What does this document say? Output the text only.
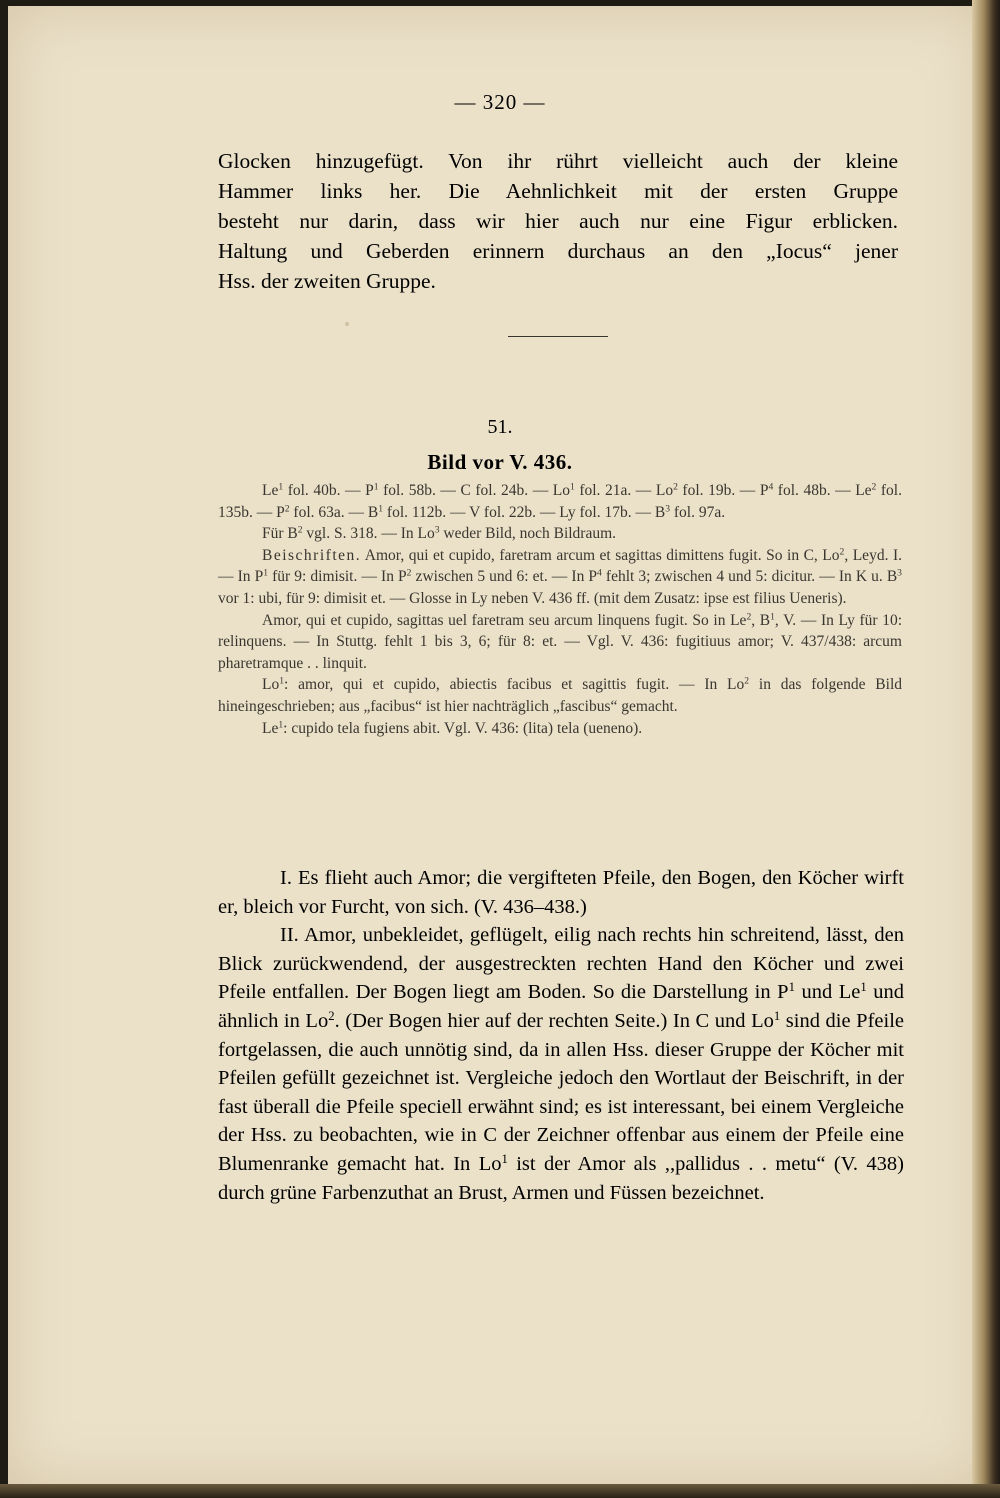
— 320 —

Glocken hinzugefügt. Von ihr rührt vielleicht auch der kleine

Hammer links her. Die Aehnlichkeit mit der ersten Gruppe

besteht nur darin, dass wir hier auch nur eine Figur erblicken.

Haltung und Geberden erinnern durchaus an den „Iocus“ jener

Hss. der zweiten Gruppe.

51.
Bild vor V. 436.

Le$^1$ fol. 40b. — $P^1$ fol. 58b. — C fol. 24b. — Lo$^1$ fol. 21a. — Lo$^2$ fol. 19b. — $P^4$ fol. 48b. — Le$^2$ fol. 135b. — $P^2$ fol. 63a. — $B^1$ fol. 112b. — V fol. 22b. — Ly fol. 17b. — $B^3$ fol. 97a.

Für $B^2$ vgl. S. 318. — In Lo$^3$ weder Bild, noch Bildraum.

Beischriften. Amor, qui et cupido, faretram arcum et sagittas dimittens fugit. So in C, Lo$^2$, Leyd. I. — In $P^1$ für 9: dimisit. — In $P^2$ zwischen 5 und 6: et. — In $P^4$ fehlt 3; zwischen 4 und 5: dicitur. — In K u. $B^3$ vor 1: ubi, für 9: dimisit et. — Glosse in Ly neben V. 436 ff. (mit dem Zusatz: ipse est filius Ueneris).

Amor, qui et cupido, sagittas uel faretram seu arcum linquens fugit. So in Le$^2$, $B^1$, V. — In Ly für 10: relinquens. — In Stuttg. fehlt 1 bis 3, 6; für 8: et. — Vgl. V. 436: fugitiuus amor; V. 437/438: arcum pharetramque . . linquit.

Lo$^1$: amor, qui et cupido, abiectis facibus et sagittis fugit. — In Lo$^2$ in das folgende Bild hineingeschrieben; aus „facibus“ ist hier nachträglich „fascibus“ gemacht.

Le$^1$: cupido tela fugiens abit. Vgl. V. 436: (lita) tela (ueneno).

I. Es flieht auch Amor; die vergifteten Pfeile, den Bogen, den Köcher wirft er, bleich vor Furcht, von sich. (V. 436‒438.)

II. Amor, unbekleidet, geflügelt, eilig nach rechts hin schreitend, lässt, den Blick zurückwendend, der ausgestreckten rechten Hand den Köcher und zwei Pfeile entfallen. Der Bogen liegt am Boden. So die Darstellung in $P^1$ und Le$^1$ und ähnlich in Lo$^2$. (Der Bogen hier auf der rechten Seite.) In C und Lo$^1$ sind die Pfeile fortgelassen, die auch unnötig sind, da in allen Hss. dieser Gruppe der Köcher mit Pfeilen gefüllt gezeichnet ist. Vergleiche jedoch den Wortlaut der Beischrift, in der fast überall die Pfeile speciell erwähnt sind; es ist interessant, bei einem Vergleiche der Hss. zu beobachten, wie in C der Zeichner offenbar aus einem der Pfeile eine Blumenranke gemacht hat. In Lo$^1$ ist der Amor als ,,pallidus . . metu“ (V. 438) durch grüne Farbenzuthat an Brust, Armen und Füssen bezeichnet.
